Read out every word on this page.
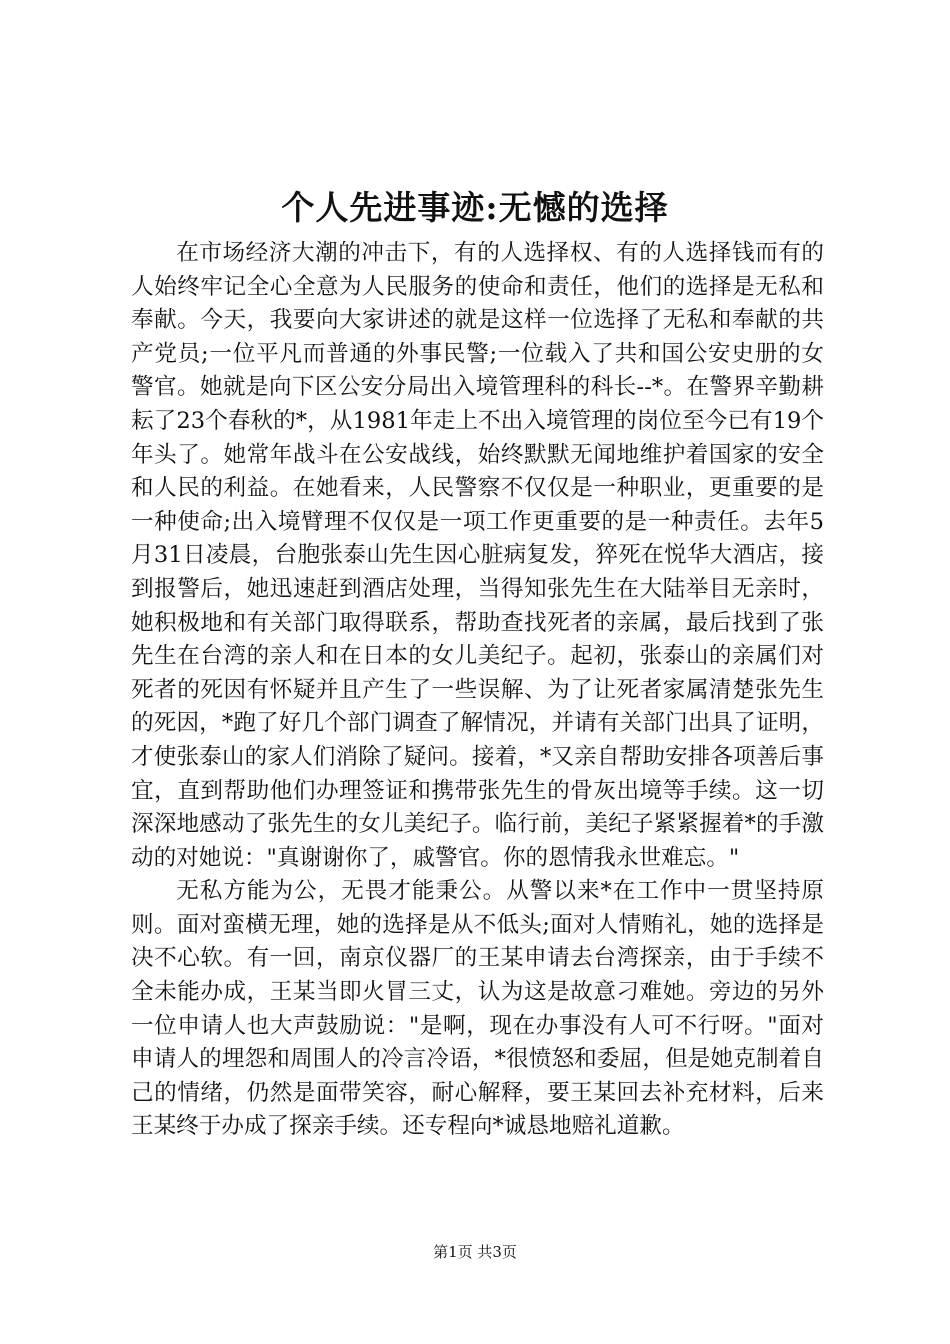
个人先进事迹:无憾的选择

在市场经济大潮的冲击下，有的人选择权、有的人选择钱而有的人始终牢记全心全意为人民服务的使命和责任，他们的选择是无私和奉献。今天，我要向大家讲述的就是这样一位选择了无私和奉献的共产党员;一位平凡而普通的外事民警;一位载入了共和国公安史册的女警官。她就是向下区公安分局出入境管理科的科长--*。在警界辛勤耕耘了23个春秋的*，从1981年走上不出入境管理的岗位至今已有19个年头了。她常年战斗在公安战线，始终默默无闻地维护着国家的安全和人民的利益。在她看来，人民警察不仅仅是一种职业，更重要的是一种使命;出入境臂理不仅仅是一项工作更重要的是一种责任。去年5月31日凌晨，台胞张泰山先生因心脏病复发，猝死在悦华大酒店，接到报警后，她迅速赶到酒店处理，当得知张先生在大陆举目无亲时，她积极地和有关部门取得联系，帮助查找死者的亲属，最后找到了张先生在台湾的亲人和在日本的女儿美纪子。起初，张泰山的亲属们对死者的死因有怀疑并且产生了一些误解、为了让死者家属清楚张先生的死因，*跑了好几个部门调查了解情况，并请有关部门出具了证明，才使张泰山的家人们消除了疑问。接着，*又亲自帮助安排各项善后事宜，直到帮助他们办理签证和携带张先生的骨灰出境等手续。这一切深深地感动了张先生的女儿美纪子。临行前，美纪子紧紧握着*的手激动的对她说："真谢谢你了，戚警官。你的恩情我永世难忘。"

无私方能为公，无畏才能秉公。从警以来*在工作中一贯坚持原则。面对蛮横无理，她的选择是从不低头;面对人情贿礼，她的选择是决不心软。有一回，南京仪器厂的王某申请去台湾探亲，由于手续不全未能办成，王某当即火冒三丈，认为这是故意刁难她。旁边的另外一位申请人也大声鼓励说："是啊，现在办事没有人可不行呀。"面对申请人的埋怨和周围人的冷言冷语，*很愤怒和委屈，但是她克制着自己的情绪，仍然是面带笑容，耐心解释，要王某回去补充材料，后来王某终于办成了探亲手续。还专程向*诚恳地赔礼道歉。

第1页 共3页
